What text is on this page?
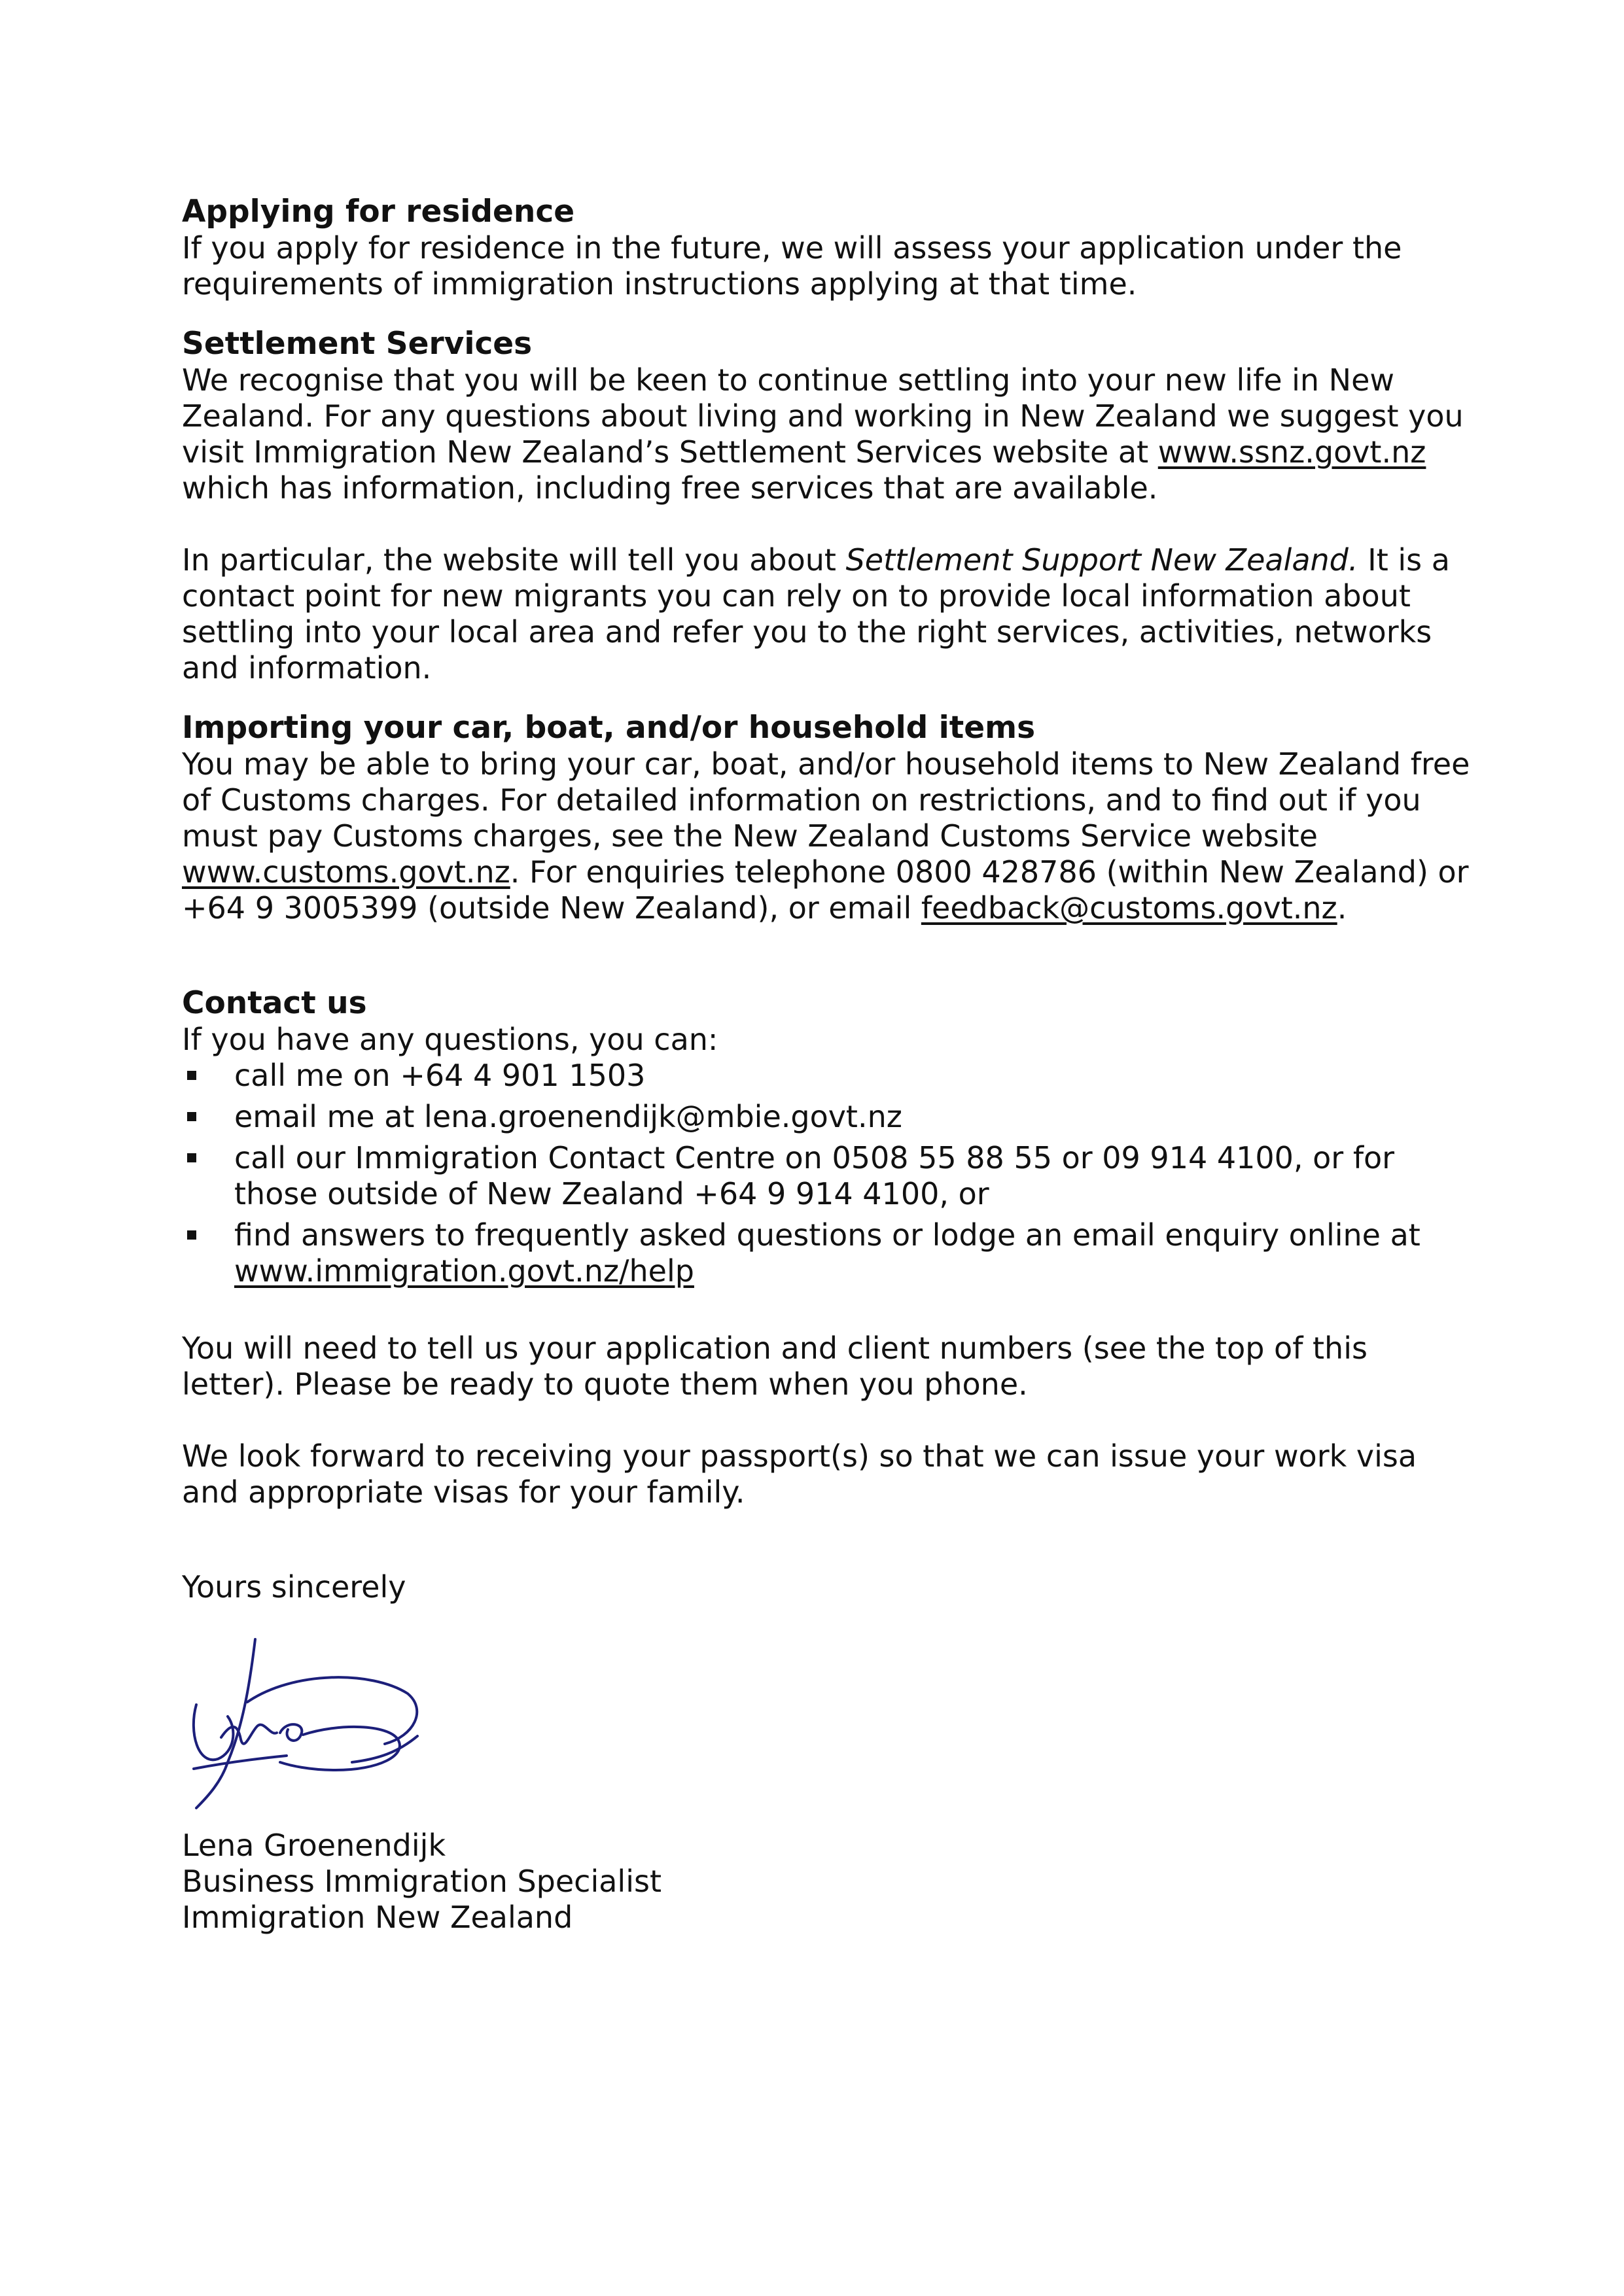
Applying for residence

If you apply for residence in the future, we will assess your application under the requirements of immigration instructions applying at that time.

Settlement Services

We recognise that you will be keen to continue settling into your new life in New Zealand. For any questions about living and working in New Zealand we suggest you visit Immigration New Zealand’s Settlement Services website at www.ssnz.govt.nz which has information, including free services that are available.

In particular, the website will tell you about Settlement Support New Zealand. It is a contact point for new migrants you can rely on to provide local information about settling into your local area and refer you to the right services, activities, networks and information.

Importing your car, boat, and/or household items

You may be able to bring your car, boat, and/or household items to New Zealand free of Customs charges. For detailed information on restrictions, and to find out if you must pay Customs charges, see the New Zealand Customs Service website www.customs.govt.nz. For enquiries telephone 0800 428786 (within New Zealand) or +64 9 3005399 (outside New Zealand), or email feedback@customs.govt.nz.

Contact us

If you have any questions, you can:

call me on +64 4 901 1503
email me at lena.groenendijk@mbie.govt.nz
call our Immigration Contact Centre on 0508 55 88 55 or 09 914 4100, or for those outside of New Zealand +64 9 914 4100, or
find answers to frequently asked questions or lodge an email enquiry online at www.immigration.govt.nz/help

You will need to tell us your application and client numbers (see the top of this letter). Please be ready to quote them when you phone.

We look forward to receiving your passport(s) so that we can issue your work visa and appropriate visas for your family.

Yours sincerely

Lena Groenendijk

Business Immigration Specialist

Immigration New Zealand
